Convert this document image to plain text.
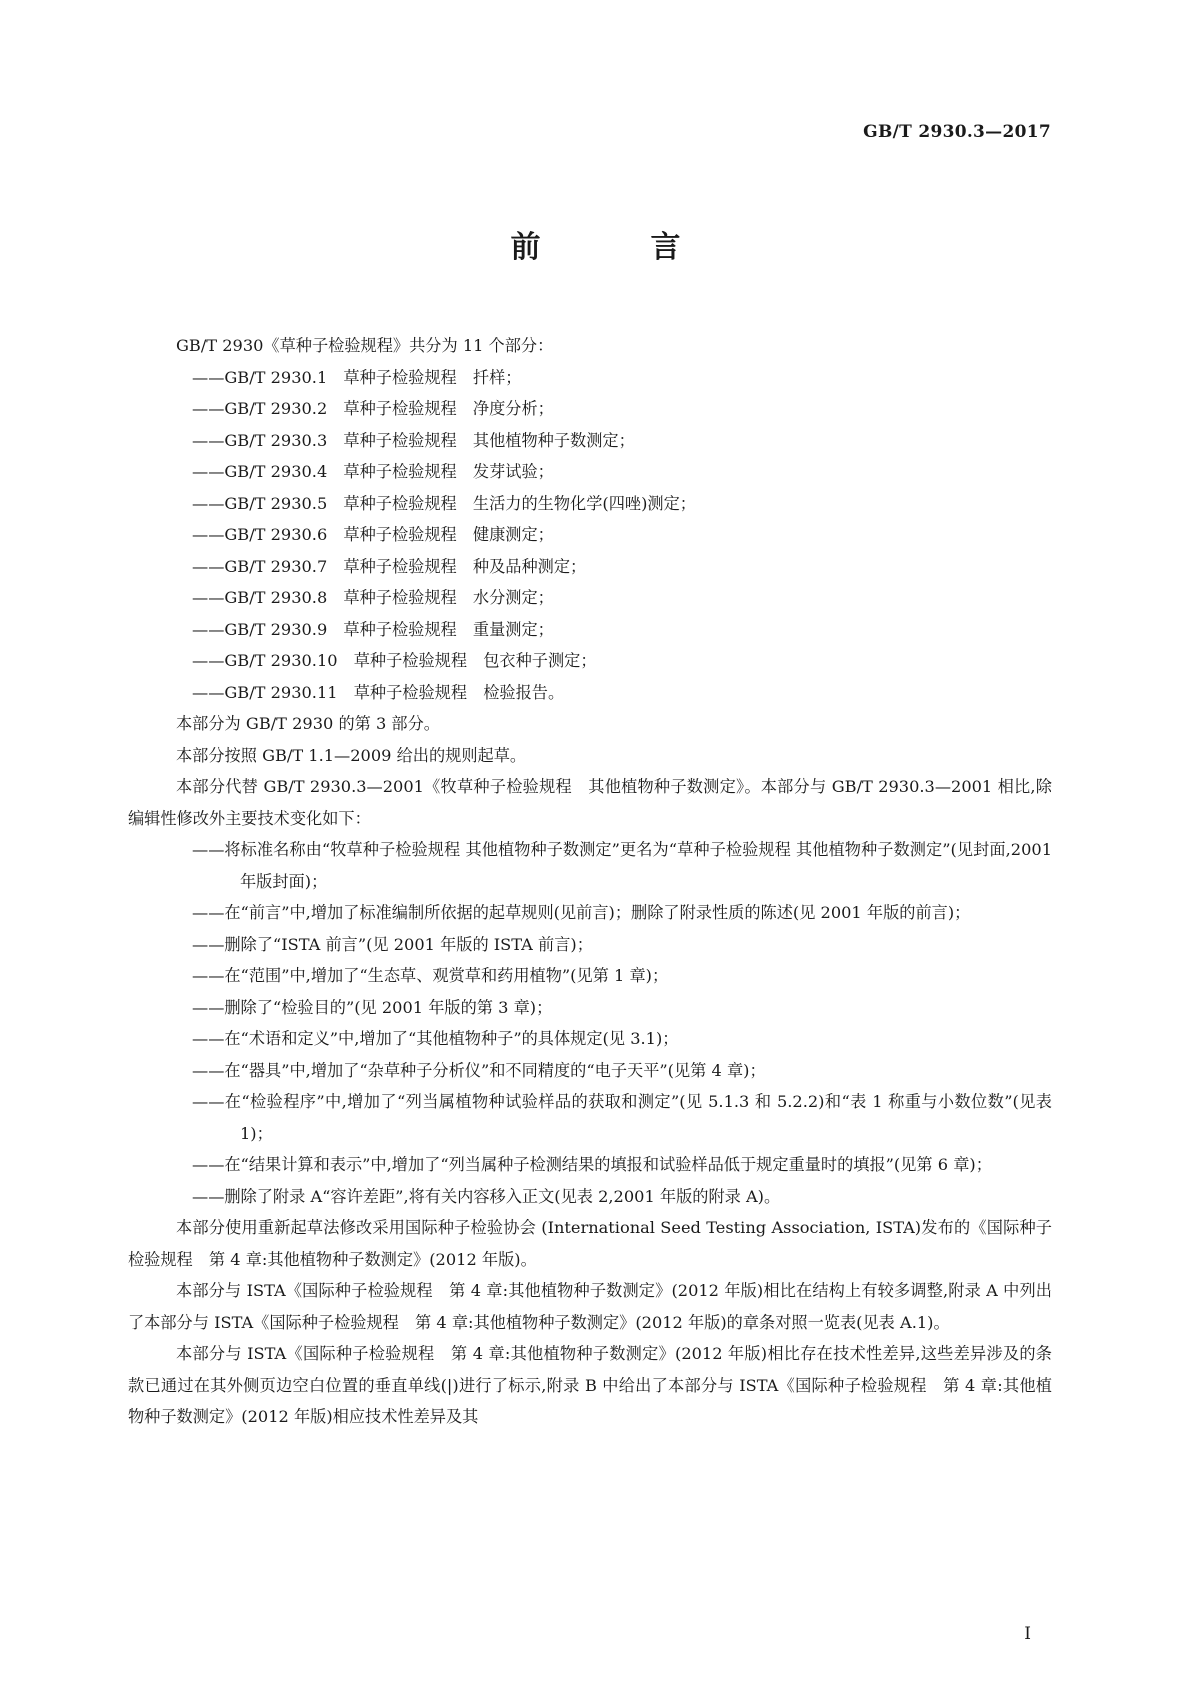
GB/T 2930.3—2017
前　言

GB/T 2930《草种子检验规程》共分为 11 个部分：

——GB/T 2930.1　草种子检验规程　扦样；

——GB/T 2930.2　草种子检验规程　净度分析；

——GB/T 2930.3　草种子检验规程　其他植物种子数测定；

——GB/T 2930.4　草种子检验规程　发芽试验；

——GB/T 2930.5　草种子检验规程　生活力的生物化学(四唑)测定；

——GB/T 2930.6　草种子检验规程　健康测定；

——GB/T 2930.7　草种子检验规程　种及品种测定；

——GB/T 2930.8　草种子检验规程　水分测定；

——GB/T 2930.9　草种子检验规程　重量测定；

——GB/T 2930.10　草种子检验规程　包衣种子测定；

——GB/T 2930.11　草种子检验规程　检验报告。

本部分为 GB/T 2930 的第 3 部分。

本部分按照 GB/T 1.1—2009 给出的规则起草。

本部分代替 GB/T 2930.3—2001《牧草种子检验规程　其他植物种子数测定》。本部分与 GB/T 2930.3—2001 相比,除编辑性修改外主要技术变化如下：

——将标准名称由“牧草种子检验规程 其他植物种子数测定”更名为“草种子检验规程 其他植物种子数测定”(见封面,2001 年版封面)；

——在“前言”中,增加了标准编制所依据的起草规则(见前言)；删除了附录性质的陈述(见 2001 年版的前言)；

——删除了“ISTA 前言”(见 2001 年版的 ISTA 前言)；

——在“范围”中,增加了“生态草、观赏草和药用植物”(见第 1 章)；

——删除了“检验目的”(见 2001 年版的第 3 章)；

——在“术语和定义”中,增加了“其他植物种子”的具体规定(见 3.1)；

——在“器具”中,增加了“杂草种子分析仪”和不同精度的“电子天平”(见第 4 章)；

——在“检验程序”中,增加了“列当属植物种试验样品的获取和测定”(见 5.1.3 和 5.2.2)和“表 1 称重与小数位数”(见表 1)；

——在“结果计算和表示”中,增加了“列当属种子检测结果的填报和试验样品低于规定重量时的填报”(见第 6 章)；

——删除了附录 A“容许差距”,将有关内容移入正文(见表 2,2001 年版的附录 A)。

本部分使用重新起草法修改采用国际种子检验协会 (International Seed Testing Association, ISTA)发布的《国际种子检验规程　第 4 章:其他植物种子数测定》(2012 年版)。

本部分与 ISTA《国际种子检验规程　第 4 章:其他植物种子数测定》(2012 年版)相比在结构上有较多调整,附录 A 中列出了本部分与 ISTA《国际种子检验规程　第 4 章:其他植物种子数测定》(2012 年版)的章条对照一览表(见表 A.1)。

本部分与 ISTA《国际种子检验规程　第 4 章:其他植物种子数测定》(2012 年版)相比存在技术性差异,这些差异涉及的条款已通过在其外侧页边空白位置的垂直单线(|)进行了标示,附录 B 中给出了本部分与 ISTA《国际种子检验规程　第 4 章:其他植物种子数测定》(2012 年版)相应技术性差异及其

I
